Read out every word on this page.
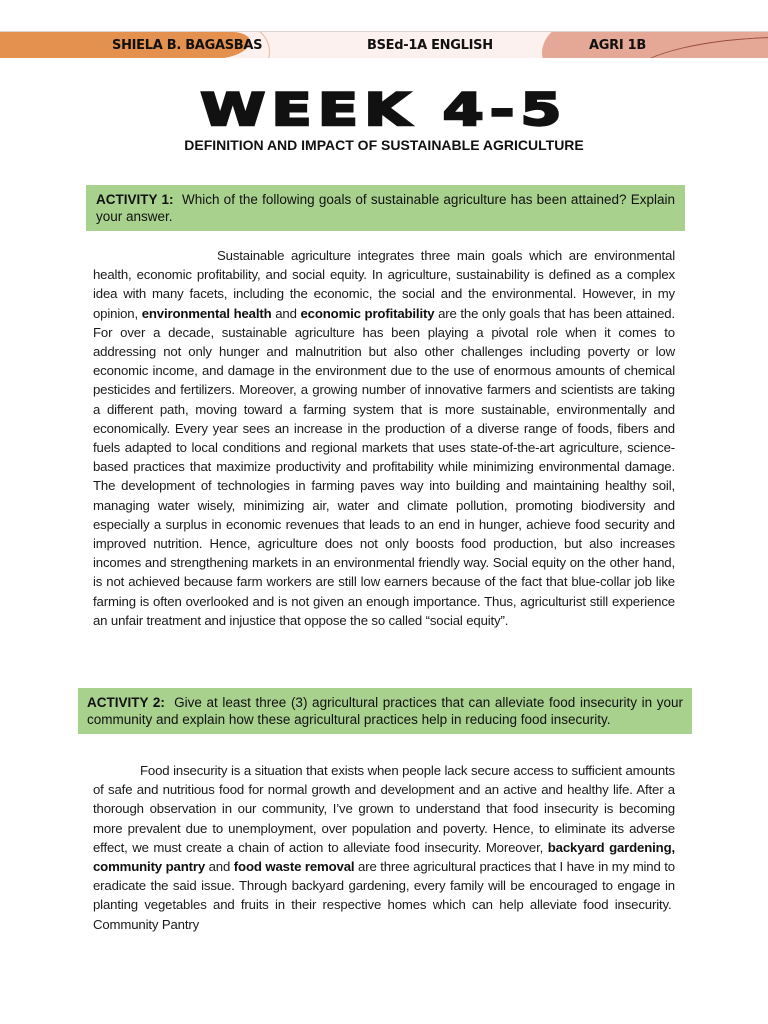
SHIELA B. BAGASBAS	BSEd-1A ENGLISH	AGRI 1B
WEEK 4-5
DEFINITION AND IMPACT OF SUSTAINABLE AGRICULTURE
ACTIVITY 1: Which of the following goals of sustainable agriculture has been attained? Explain your answer.
Sustainable agriculture integrates three main goals which are environmental health, economic profitability, and social equity. In agriculture, sustainability is defined as a complex idea with many facets, including the economic, the social and the environmental. However, in my opinion, environmental health and economic profitability are the only goals that has been attained. For over a decade, sustainable agriculture has been playing a pivotal role when it comes to addressing not only hunger and malnutrition but also other challenges including poverty or low economic income, and damage in the environment due to the use of enormous amounts of chemical pesticides and fertilizers. Moreover, a growing number of innovative farmers and scientists are taking a different path, moving toward a farming system that is more sustainable, environmentally and economically. Every year sees an increase in the production of a diverse range of foods, fibers and fuels adapted to local conditions and regional markets that uses state-of-the-art agriculture, science-based practices that maximize productivity and profitability while minimizing environmental damage. The development of technologies in farming paves way into building and maintaining healthy soil, managing water wisely, minimizing air, water and climate pollution, promoting biodiversity and especially a surplus in economic revenues that leads to an end in hunger, achieve food security and improved nutrition. Hence, agriculture does not only boosts food production, but also increases incomes and strengthening markets in an environmental friendly way. Social equity on the other hand, is not achieved because farm workers are still low earners because of the fact that blue-collar job like farming is often overlooked and is not given an enough importance. Thus, agriculturist still experience an unfair treatment and injustice that oppose the so called “social equity”.
ACTIVITY 2: Give at least three (3) agricultural practices that can alleviate food insecurity in your community and explain how these agricultural practices help in reducing food insecurity.
Food insecurity is a situation that exists when people lack secure access to sufficient amounts of safe and nutritious food for normal growth and development and an active and healthy life. After a thorough observation in our community, I’ve grown to understand that food insecurity is becoming more prevalent due to unemployment, over population and poverty. Hence, to eliminate its adverse effect, we must create a chain of action to alleviate food insecurity. Moreover, backyard gardening, community pantry and food waste removal are three agricultural practices that I have in my mind to eradicate the said issue. Through backyard gardening, every family will be encouraged to engage in planting vegetables and fruits in their respective homes which can help alleviate food insecurity.  Community Pantry
